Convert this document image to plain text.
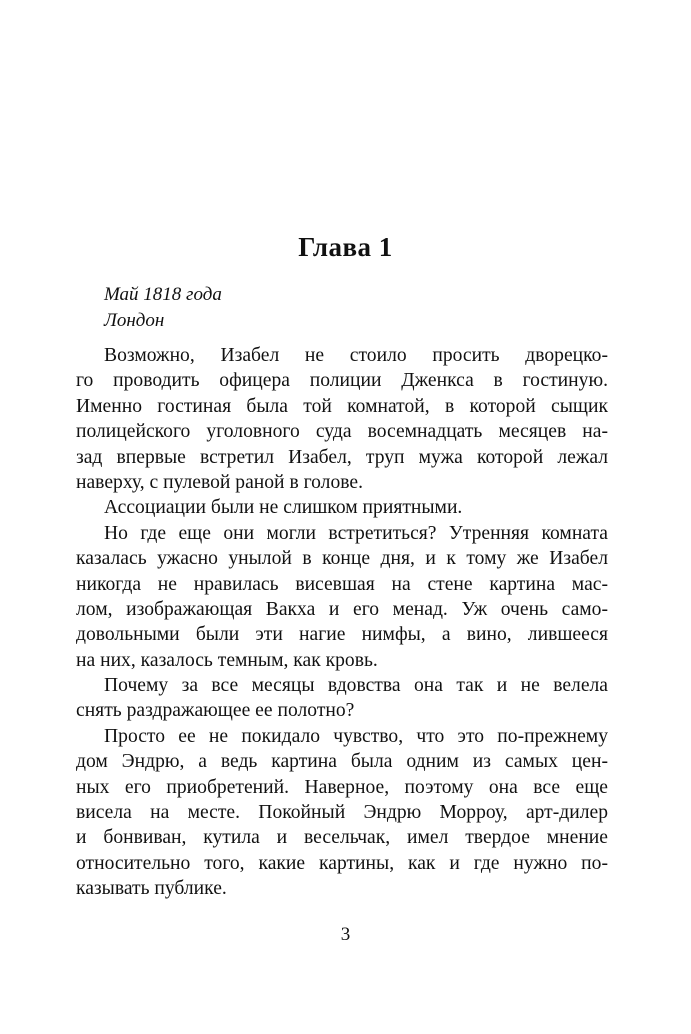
Глава 1
Май 1818 года
Лондон
Возможно, Изабел не стоило просить дворецко-
го проводить офицера полиции Дженкса в гостиную.
Именно гостиная была той комнатой, в которой сыщик
полицейского уголовного суда восемнадцать месяцев на-
зад впервые встретил Изабел, труп мужа которой лежал
наверху, с пулевой раной в голове.
Ассоциации были не слишком приятными.
Но где еще они могли встретиться? Утренняя комната
казалась ужасно унылой в конце дня, и к тому же Изабел
никогда не нравилась висевшая на стене картина мас-
лом, изображающая Вакха и его менад. Уж очень само-
довольными были эти нагие нимфы, а вино, лившееся
на них, казалось темным, как кровь.
Почему за все месяцы вдовства она так и не велела
снять раздражающее ее полотно?
Просто ее не покидало чувство, что это по-прежнему
дом Эндрю, а ведь картина была одним из самых цен-
ных его приобретений. Наверное, поэтому она все еще
висела на месте. Покойный Эндрю Морроу, арт-дилер
и бонвиван, кутила и весельчак, имел твердое мнение
относительно того, какие картины, как и где нужно по-
казывать публике.
3
